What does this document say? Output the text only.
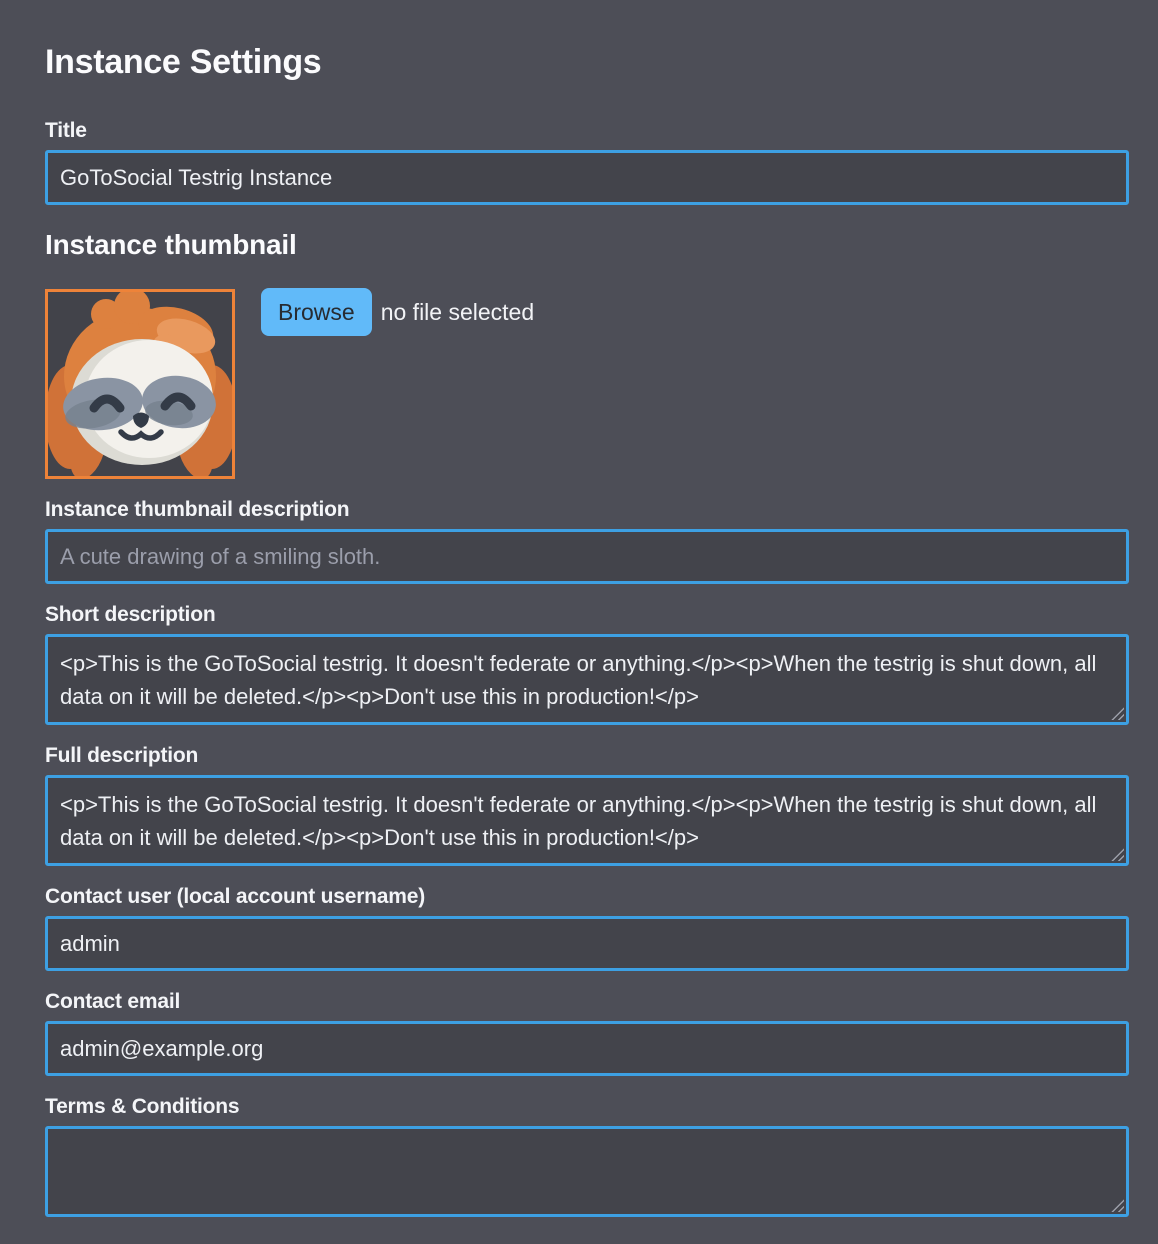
Instance Settings
Title
GoToSocial Testrig Instance
Instance thumbnail
Browse	no file selected
Instance thumbnail description
A cute drawing of a smiling sloth.
Short description
<p>This is the GoToSocial testrig. It doesn't federate or anything.</p><p>When the testrig is shut down, all data on it will be deleted.</p><p>Don't use this in production!</p>
Full description
<p>This is the GoToSocial testrig. It doesn't federate or anything.</p><p>When the testrig is shut down, all data on it will be deleted.</p><p>Don't use this in production!</p>
Contact user (local account username)
admin
Contact email
admin@example.org
Terms & Conditions
